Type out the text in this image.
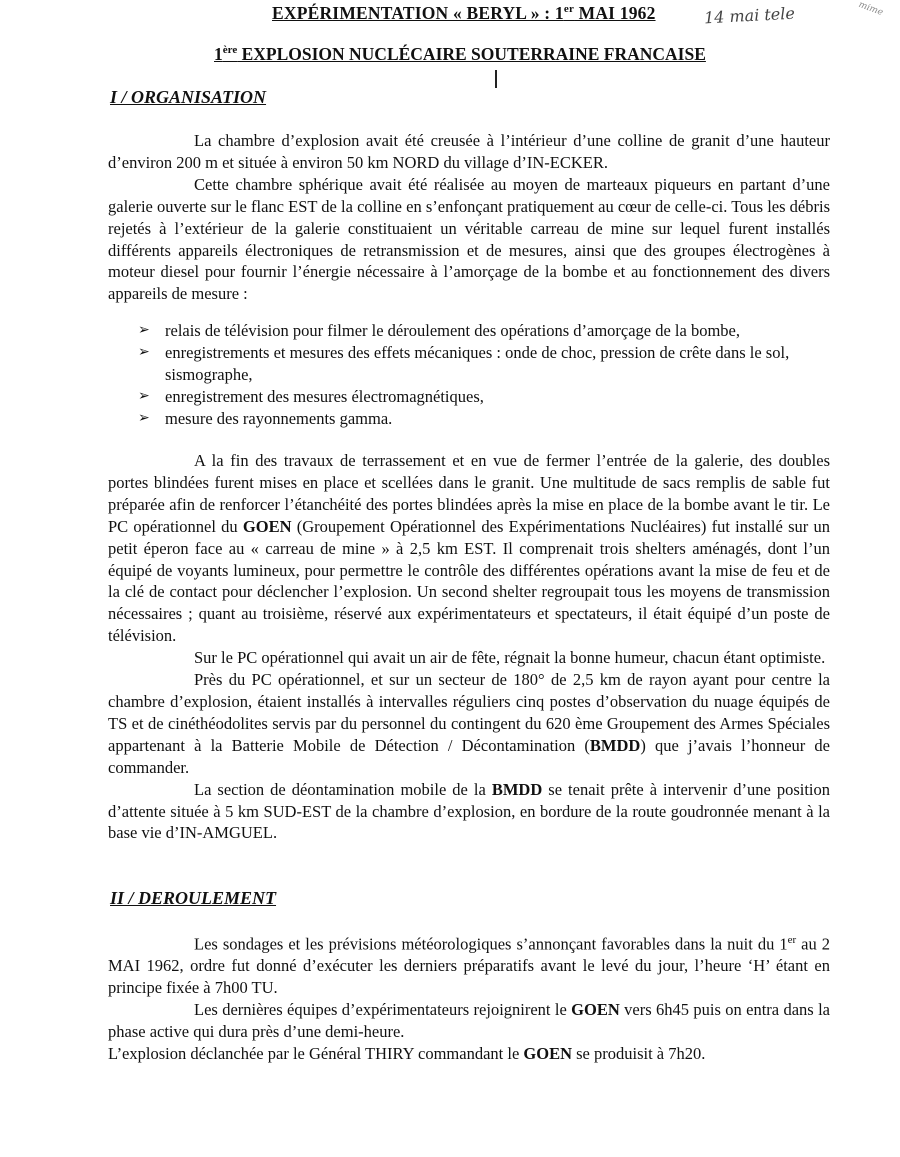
EXPÉRIMENTATION « BERYL » : 1er MAI 1962	14 mai tele	mime
1ère EXPLOSION NUCLÉCAIRE SOUTERRAINE FRANCAISE
I / ORGANISATION

La chambre d’explosion avait été creusée à l’intérieur d’une colline de granit d’une hauteur d’environ 200 m et située à environ 50 km NORD du village d’IN-ECKER.

Cette chambre sphérique avait été réalisée au moyen de marteaux piqueurs en partant d’une galerie ouverte sur le flanc EST de la colline en s’enfonçant pratiquement au cœur de celle-ci. Tous les débris rejetés à l’extérieur de la galerie constituaient un véritable carreau de mine sur lequel furent installés différents appareils électroniques de retransmission et de mesures, ainsi que des groupes électrogènes à moteur diesel pour fournir l’énergie nécessaire à l’amorçage de la bombe et au fonctionnement des divers appareils de mesure :

➢ relais de télévision pour filmer le déroulement des opérations d’amorçage de la bombe,
➢ enregistrements et mesures des effets mécaniques : onde de choc, pression de crête dans le sol, sismographe,
➢ enregistrement des mesures électromagnétiques,
➢ mesure des rayonnements gamma.

A la fin des travaux de terrassement et en vue de fermer l’entrée de la galerie, des doubles portes blindées furent mises en place et scellées dans le granit. Une multitude de sacs remplis de sable fut préparée afin de renforcer l’étanchéité des portes blindées après la mise en place de la bombe avant le tir. Le PC opérationnel du GOEN (Groupement Opérationnel des Expérimentations Nucléaires) fut installé sur un petit éperon face au « carreau de mine » à 2,5 km EST. Il comprenait trois shelters aménagés, dont l’un équipé de voyants lumineux, pour permettre le contrôle des différentes opérations avant la mise de feu et de la clé de contact pour déclencher l’explosion. Un second shelter regroupait tous les moyens de transmission nécessaires ; quant au troisième, réservé aux expérimentateurs et spectateurs, il était équipé d’un poste de télévision.

Sur le PC opérationnel qui avait un air de fête, régnait la bonne humeur, chacun étant optimiste.

Près du PC opérationnel, et sur un secteur de 180° de 2,5 km de rayon ayant pour centre la chambre d’explosion, étaient installés à intervalles réguliers cinq postes d’observation du nuage équipés de TS et de cinéthéodolites servis par du personnel du contingent du 620 ème Groupement des Armes Spéciales appartenant à la Batterie Mobile de Détection / Décontamination (BMDD) que j’avais l’honneur de commander.

La section de déontamination mobile de la BMDD se tenait prête à intervenir d’une position d’attente située à 5 km SUD-EST de la chambre d’explosion, en bordure de la route goudronnée menant à la base vie d’IN-AMGUEL.

II / DEROULEMENT

Les sondages et les prévisions météorologiques s’annonçant favorables dans la nuit du 1er au 2 MAI 1962, ordre fut donné d’exécuter les derniers préparatifs avant le levé du jour, l’heure ‘H’ étant en principe fixée à 7h00 TU.

Les dernières équipes d’expérimentateurs rejoignirent le GOEN vers 6h45 puis on entra dans la phase active qui dura près d’une demi-heure.

L’explosion déclanchée par le Général THIRY commandant le GOEN se produisit à 7h20.
